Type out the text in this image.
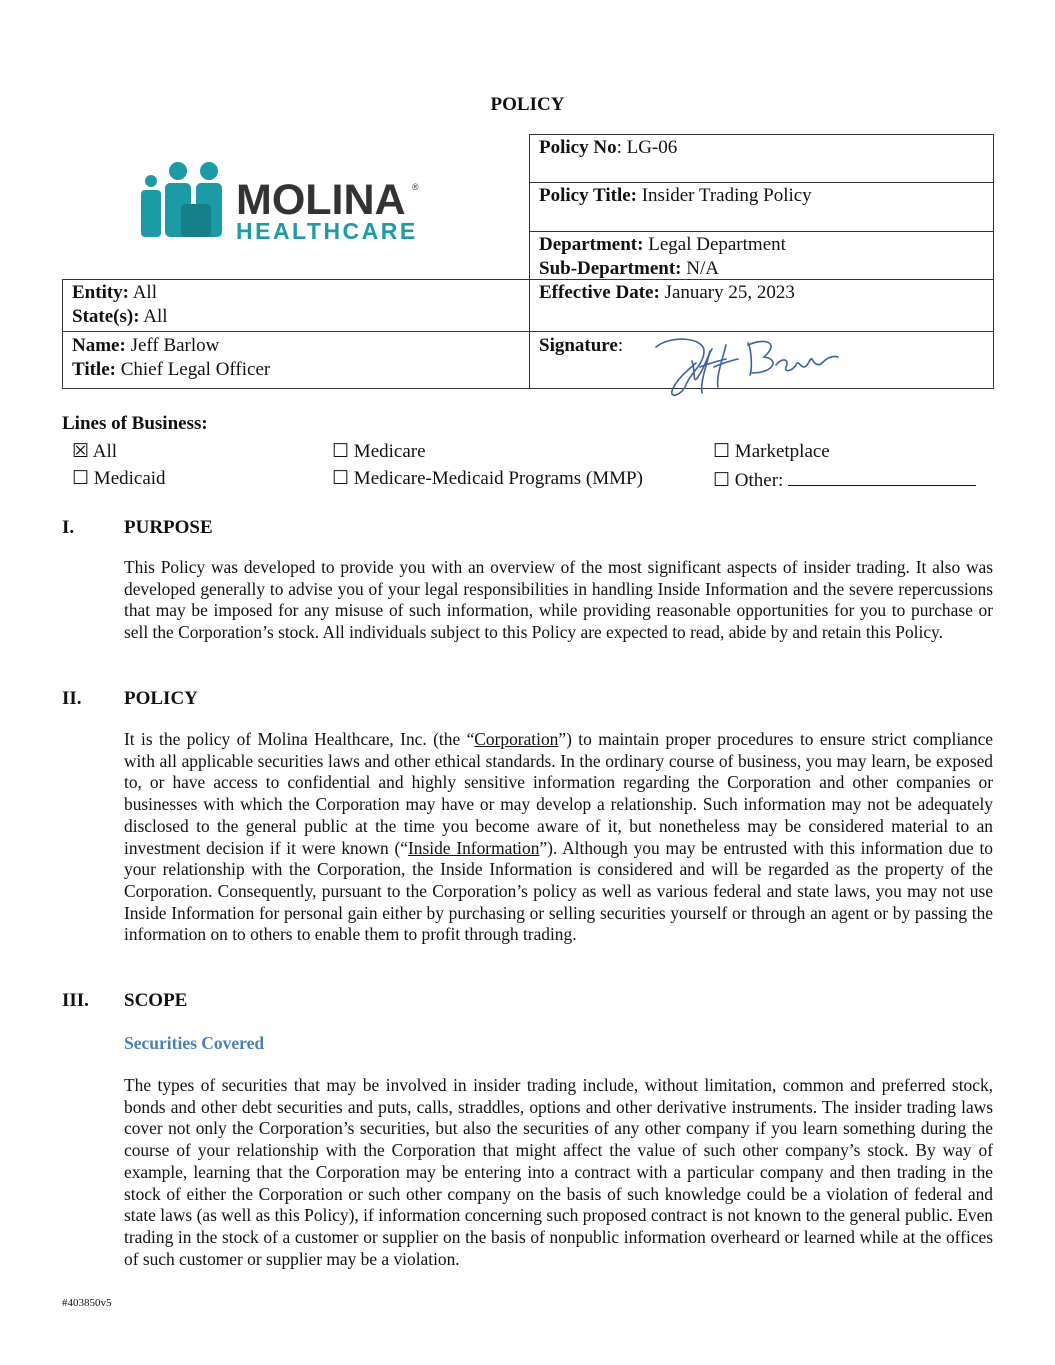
POLICY
MOLINA ®
HEALTHCARE
Policy No: LG-06
Policy Title: Insider Trading Policy
Department: Legal Department
Sub-Department: N/A
Entity: All
State(s): All
Effective Date: January 25, 2023
Name: Jeff Barlow
Title: Chief Legal Officer
Signature:
Lines of Business:
☒ All	☐ Medicare	☐ Marketplace
☐ Medicaid	☐ Medicare-Medicaid Programs (MMP)	☐ Other:
I.	PURPOSE
This Policy was developed to provide you with an overview of the most significant aspects of insider trading. It also was developed generally to advise you of your legal responsibilities in handling Inside Information and the severe repercussions that may be imposed for any misuse of such information, while providing reasonable opportunities for you to purchase or sell the Corporation’s stock. All individuals subject to this Policy are expected to read, abide by and retain this Policy.
II. POLICY
It is the policy of Molina Healthcare, Inc. (the “Corporation”) to maintain proper procedures to ensure strict compliance with all applicable securities laws and other ethical standards. In the ordinary course of business, you may learn, be exposed to, or have access to confidential and highly sensitive information regarding the Corporation and other companies or businesses with which the Corporation may have or may develop a relationship. Such information may not be adequately disclosed to the general public at the time you become aware of it, but nonetheless may be considered material to an investment decision if it were known (“Inside Information”). Although you may be entrusted with this information due to your relationship with the Corporation, the Inside Information is considered and will be regarded as the property of the Corporation. Consequently, pursuant to the Corporation’s policy as well as various federal and state laws, you may not use Inside Information for personal gain either by purchasing or selling securities yourself or through an agent or by passing the information on to others to enable them to profit through trading.
III. SCOPE
Securities Covered
The types of securities that may be involved in insider trading include, without limitation, common and preferred stock, bonds and other debt securities and puts, calls, straddles, options and other derivative instruments. The insider trading laws cover not only the Corporation’s securities, but also the securities of any other company if you learn something during the course of your relationship with the Corporation that might affect the value of such other company’s stock. By way of example, learning that the Corporation may be entering into a contract with a particular company and then trading in the stock of either the Corporation or such other company on the basis of such knowledge could be a violation of federal and state laws (as well as this Policy), if information concerning such proposed contract is not known to the general public. Even trading in the stock of a customer or supplier on the basis of nonpublic information overheard or learned while at the offices of such customer or supplier may be a violation.
#403850v5
